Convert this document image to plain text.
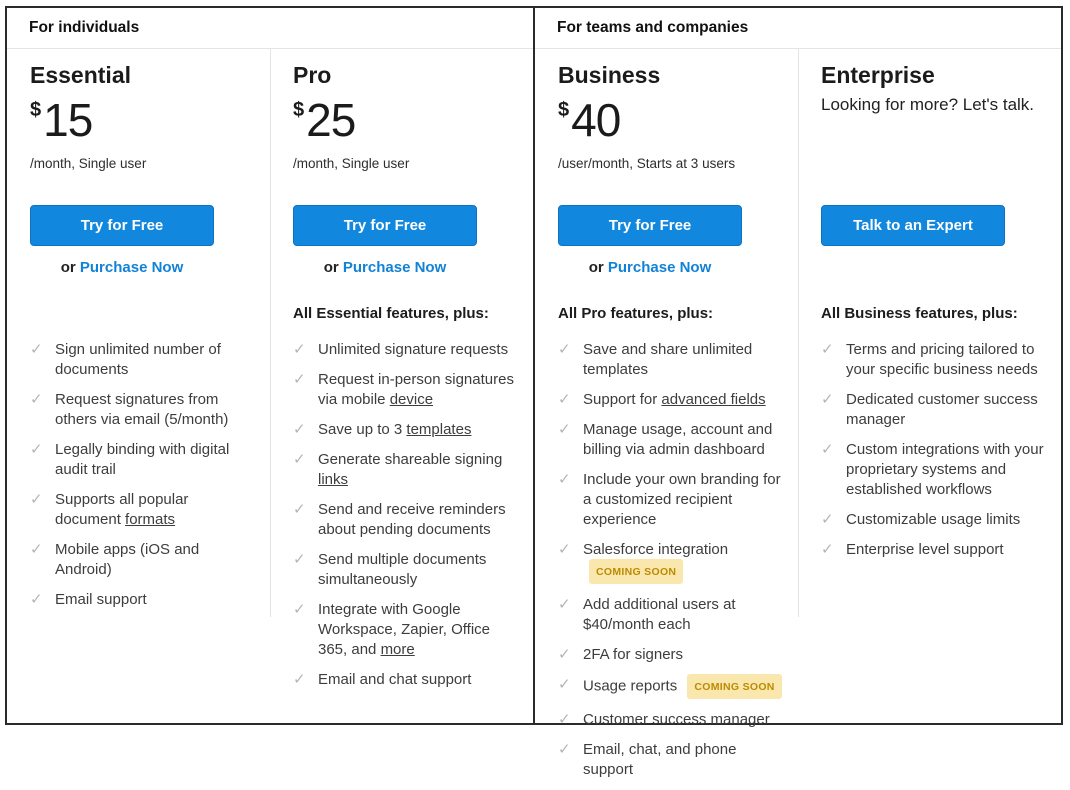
For individuals
Essential
$15
/month, Single user
Try for Free
or Purchase Now
✓ Sign unlimited number of documents
✓ Request signatures from others via email (5/month)
✓ Legally binding with digital audit trail
✓ Supports all popular document formats
✓ Mobile apps (iOS and Android)
✓ Email support
Pro
$25
/month, Single user
Try for Free
or Purchase Now
All Essential features, plus:
✓ Unlimited signature requests
✓ Request in-person signatures via mobile device
✓ Save up to 3 templates
✓ Generate shareable signing links
✓ Send and receive reminders about pending documents
✓ Send multiple documents simultaneously
✓ Integrate with Google Workspace, Zapier, Office 365, and more
✓ Email and chat support
For teams and companies
Business
$40
/user/month, Starts at 3 users
Try for Free
or Purchase Now
All Pro features, plus:
✓ Save and share unlimited templates
✓ Support for advanced fields
✓ Manage usage, account and billing via admin dashboard
✓ Include your own branding for a customized recipient experience
✓ Salesforce integration COMING SOON
✓ Add additional users at $40/month each
✓ 2FA for signers
✓ Usage reports COMING SOON
✓ Customer success manager
✓ Email, chat, and phone support
Enterprise
Looking for more? Let's talk.
Talk to an Expert
All Business features, plus:
✓ Terms and pricing tailored to your specific business needs
✓ Dedicated customer success manager
✓ Custom integrations with your proprietary systems and established workflows
✓ Customizable usage limits
✓ Enterprise level support
